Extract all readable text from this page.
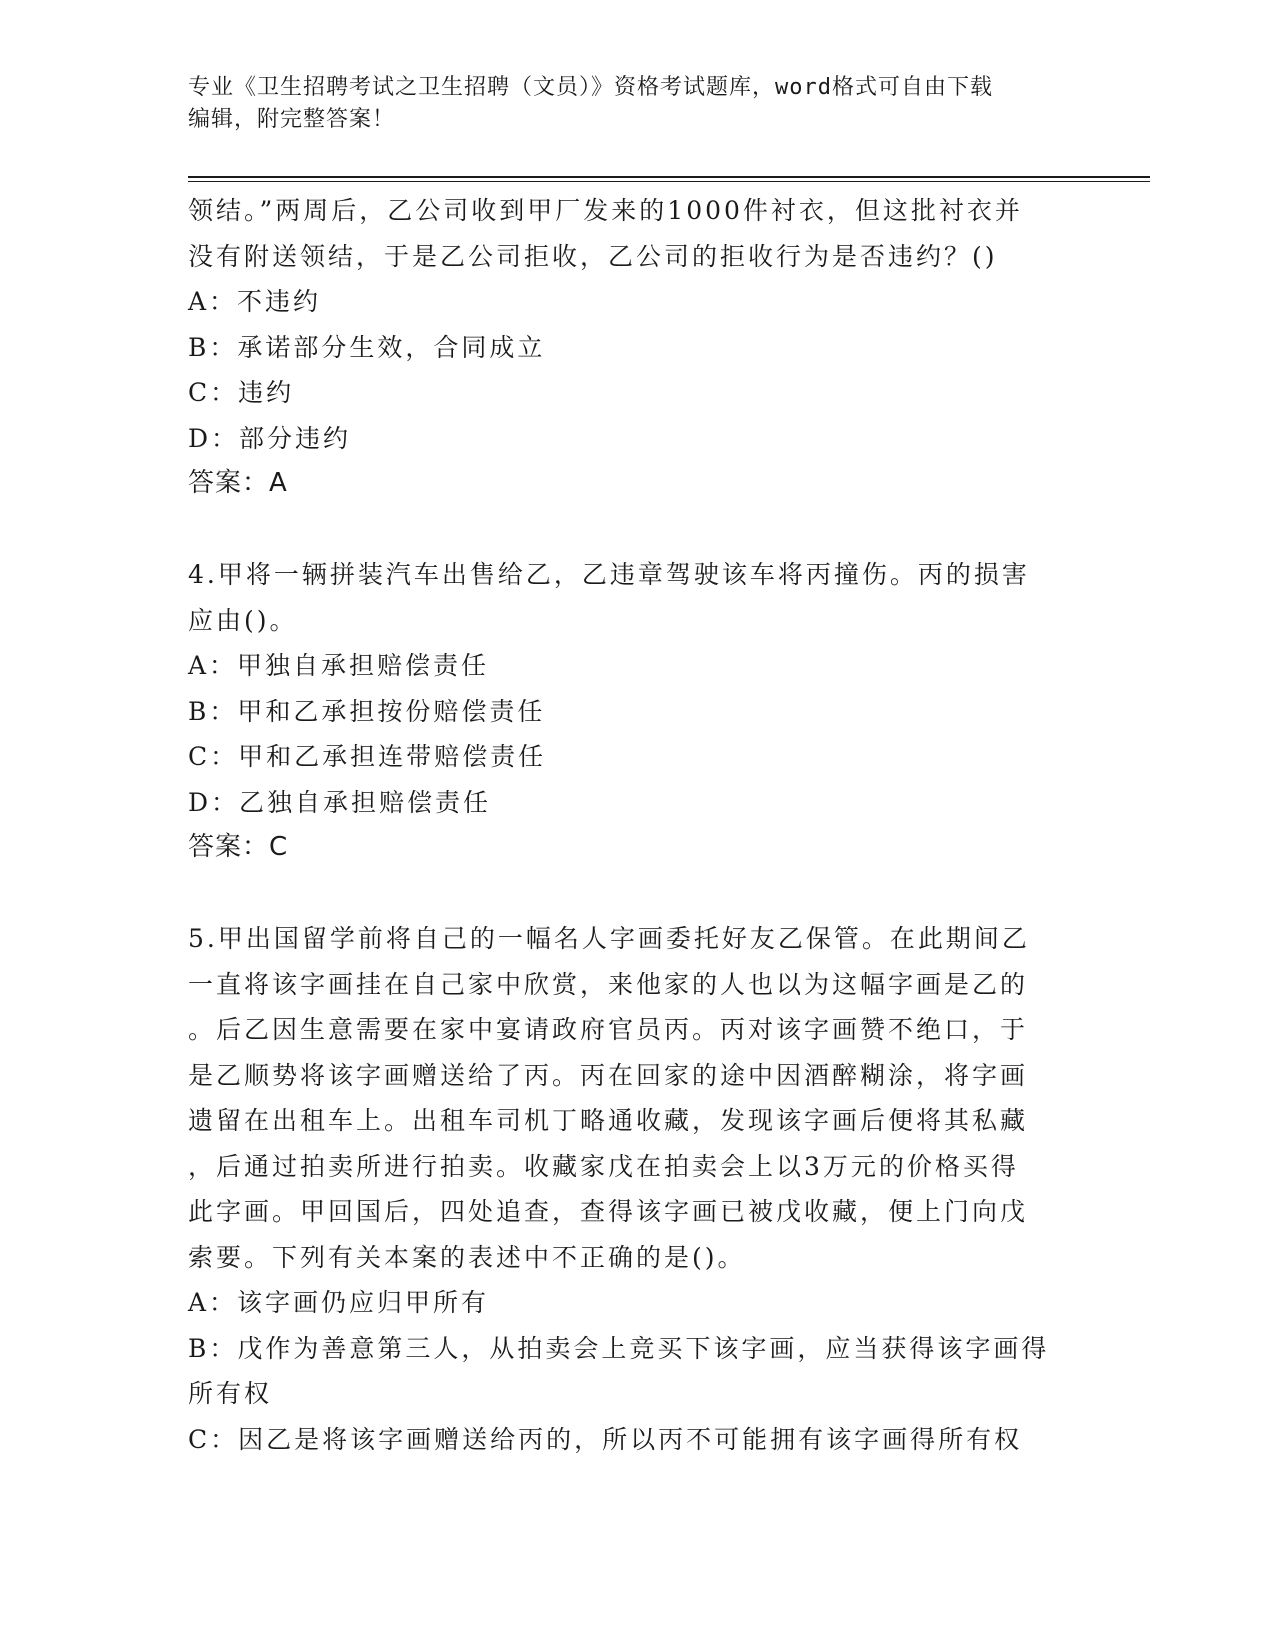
专业《卫生招聘考试之卫生招聘（文员）》资格考试题库，word格式可自由下载
编辑，附完整答案！
领结。”两周后，乙公司收到甲厂发来的1000件衬衣，但这批衬衣并
没有附送领结，于是乙公司拒收，乙公司的拒收行为是否违约？()
A：不违约
B：承诺部分生效，合同成立
C：违约
D：部分违约
答案：A
4.甲将一辆拼装汽车出售给乙，乙违章驾驶该车将丙撞伤。丙的损害
应由()。
A：甲独自承担赔偿责任
B：甲和乙承担按份赔偿责任
C：甲和乙承担连带赔偿责任
D：乙独自承担赔偿责任
答案：C
5.甲出国留学前将自己的一幅名人字画委托好友乙保管。在此期间乙
一直将该字画挂在自己家中欣赏，来他家的人也以为这幅字画是乙的
。后乙因生意需要在家中宴请政府官员丙。丙对该字画赞不绝口，于
是乙顺势将该字画赠送给了丙。丙在回家的途中因酒醉糊涂，将字画
遗留在出租车上。出租车司机丁略通收藏，发现该字画后便将其私藏
，后通过拍卖所进行拍卖。收藏家戊在拍卖会上以3万元的价格买得
此字画。甲回国后，四处追查，查得该字画已被戊收藏，便上门向戊
索要。下列有关本案的表述中不正确的是()。
A：该字画仍应归甲所有
B：戊作为善意第三人，从拍卖会上竞买下该字画，应当获得该字画得
所有权
C：因乙是将该字画赠送给丙的，所以丙不可能拥有该字画得所有权
